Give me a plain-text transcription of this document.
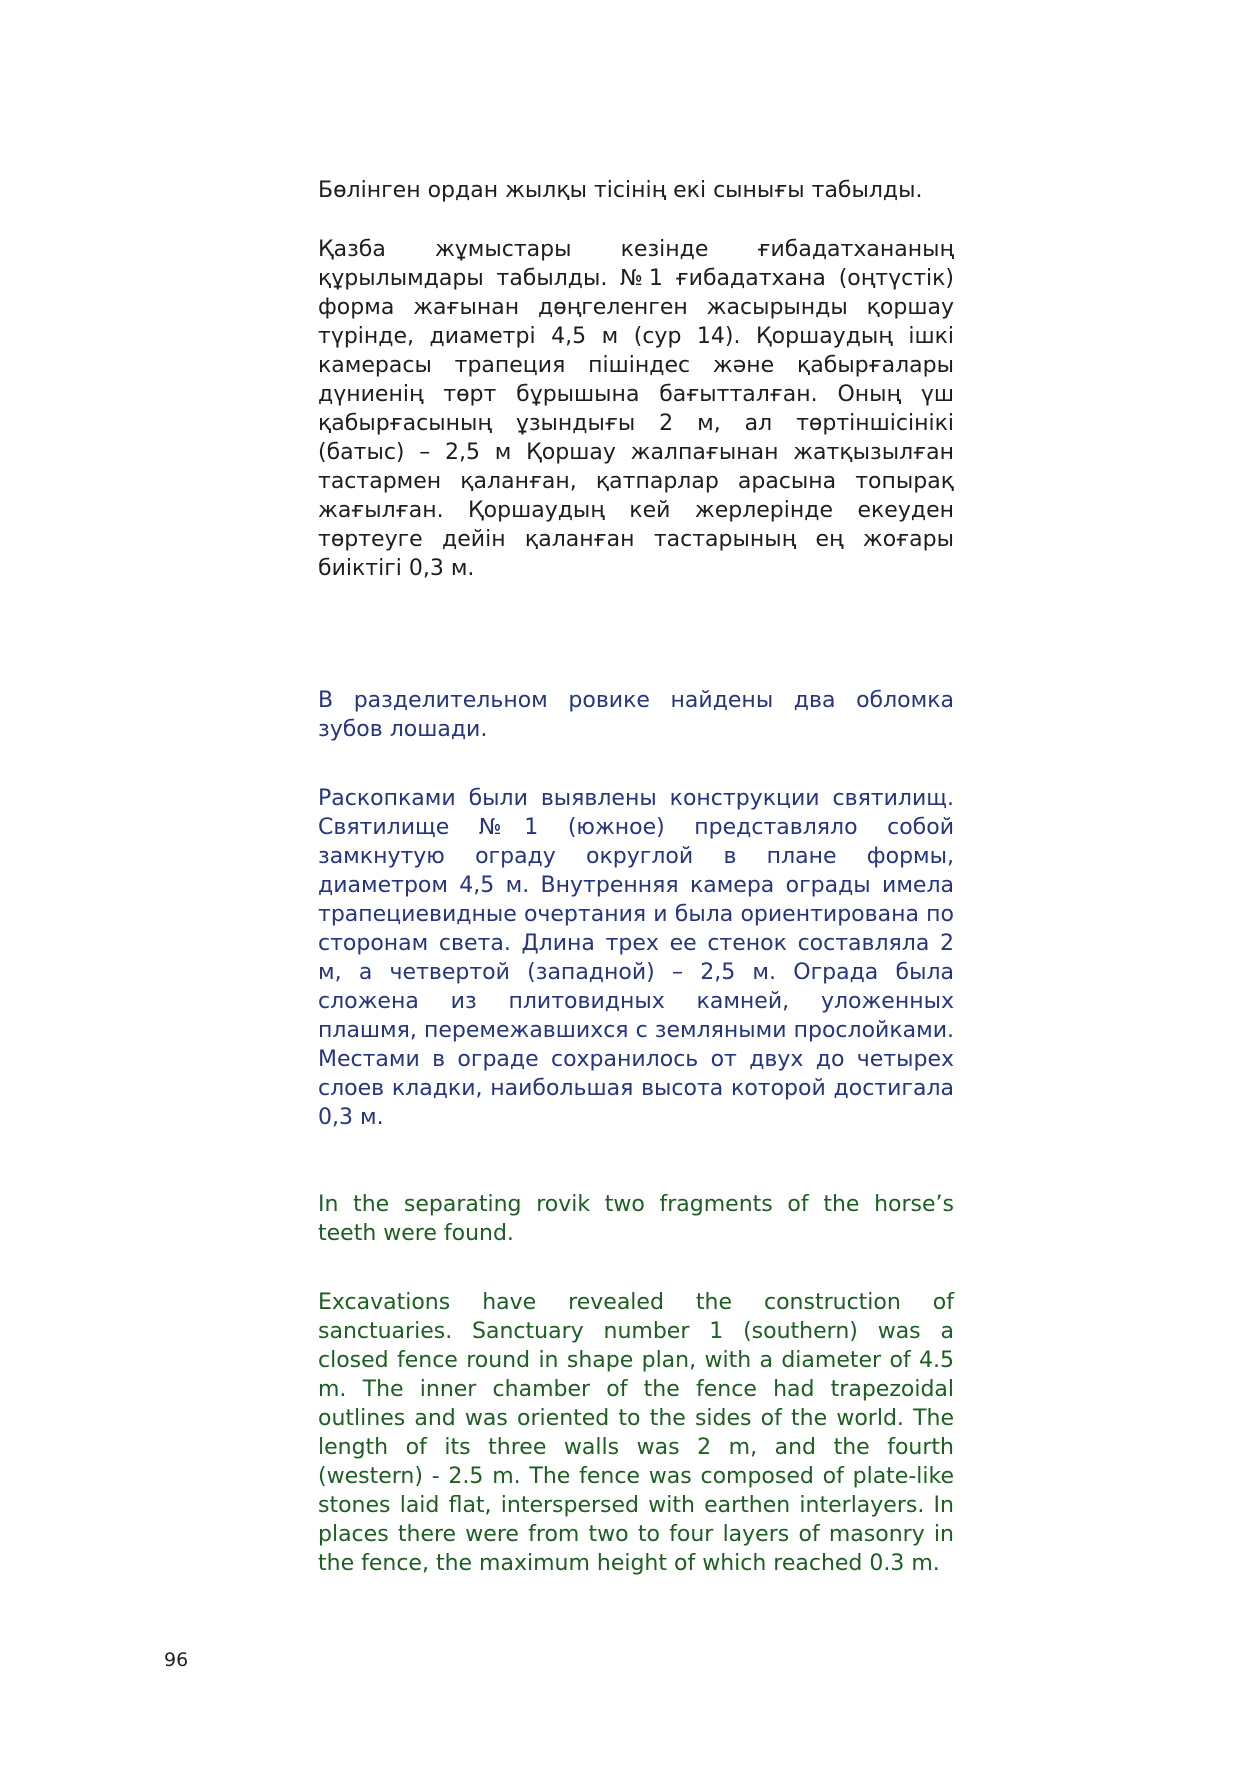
Бөлінген ордан жылқы тісінің екі сынығы табылды.

Қазба жұмыстары кезінде ғибадатхананың құрылымдары табылды. №1 ғибадатхана (оңтүстік) форма жағынан дөңгеленген жасырынды қоршау түрінде, диаметрі 4,5 м (сур 14). Қоршаудың ішкі камерасы трапеция пішіндес және қабырғалары дүниенің төрт бұрышына бағытталған. Оның үш қабырғасының ұзындығы 2 м, ал төртіншісінікі (батыс) – 2,5 м Қоршау жалпағынан жатқызылған тастармен қаланған, қатпарлар арасына топырақ жағылған. Қоршаудың кей жерлерінде екеуден төртеуге дейін қаланған тастарының ең жоғары биіктігі 0,3 м.

В разделительном ровике найдены два обломка зубов лошади.

Раскопками были выявлены конструкции святилищ. Святилище №1 (южное) представляло собой замкнутую ограду округлой в плане формы, диаметром 4,5 м. Внутренняя камера ограды имела трапециевидные очертания и была ориентирована по сторонам света. Длина трех ее стенок составляла 2 м, а четвертой (западной) – 2,5 м. Ограда была сложена из плитовидных камней, уложенных плашмя, перемежавшихся с земляными прослойками. Местами в ограде сохранилось от двух до четырех слоев кладки, наибольшая высота которой достигала 0,3 м.

In the separating rovik two fragments of the horse’s teeth were found.

Excavations have revealed the construction of sanctuaries. Sanctuary number 1 (southern) was a closed fence round in shape plan, with a diameter of 4.5 m. The inner chamber of the fence had trapezoidal outlines and was oriented to the sides of the world. The length of its three walls was 2 m, and the fourth (western) - 2.5 m. The fence was composed of plate-like stones laid flat, interspersed with earthen interlayers. In places there were from two to four layers of masonry in the fence, the maximum height of which reached 0.3 m.

96
